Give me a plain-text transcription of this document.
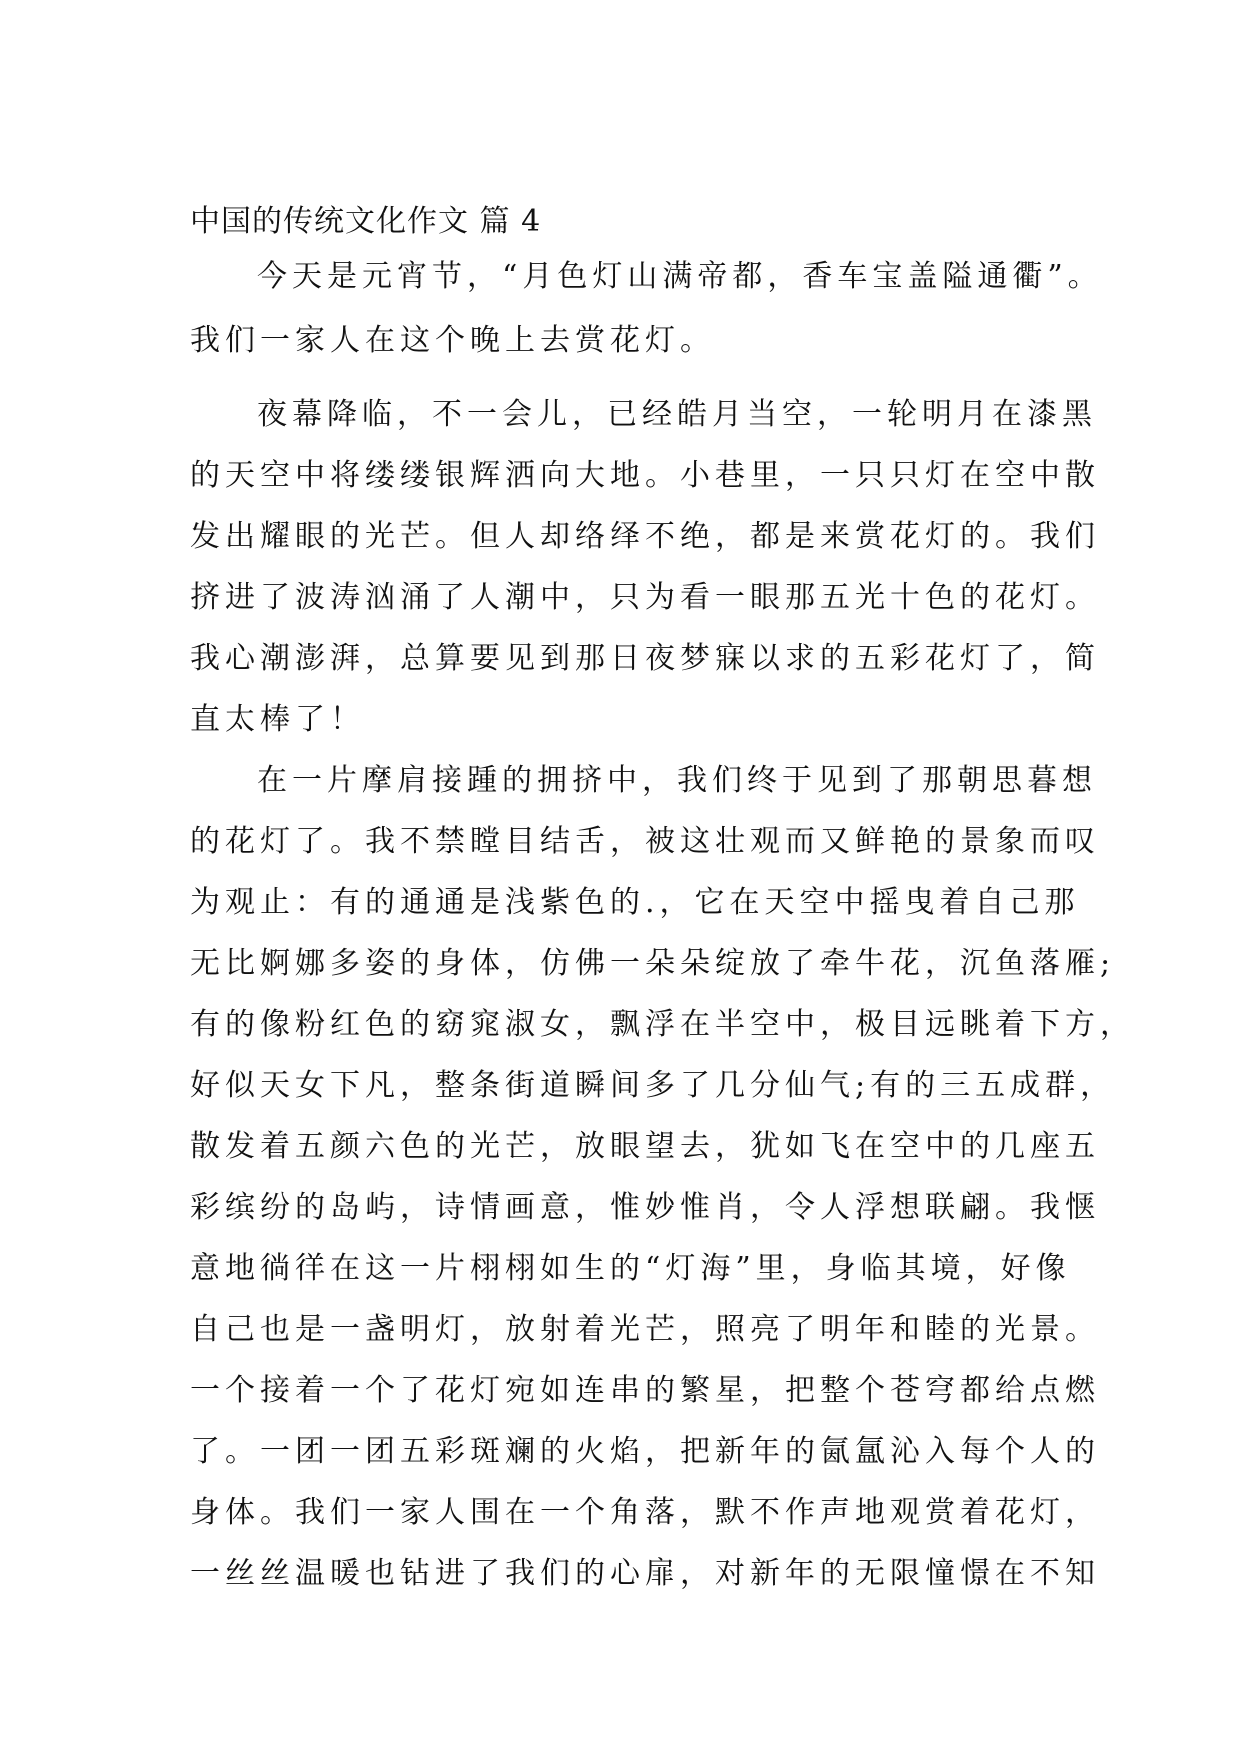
中国的传统文化作文 篇 4
今天是元宵节，“月色灯山满帝都，香车宝盖隘通衢”。
我们一家人在这个晚上去赏花灯。
夜幕降临，不一会儿，已经皓月当空，一轮明月在漆黑
的天空中将缕缕银辉洒向大地。小巷里，一只只灯在空中散
发出耀眼的光芒。但人却络绎不绝，都是来赏花灯的。我们
挤进了波涛汹涌了人潮中，只为看一眼那五光十色的花灯。
我心潮澎湃，总算要见到那日夜梦寐以求的五彩花灯了，简
直太棒了！
在一片摩肩接踵的拥挤中，我们终于见到了那朝思暮想
的花灯了。我不禁瞠目结舌，被这壮观而又鲜艳的景象而叹
为观止：有的通通是浅紫色的.，它在天空中摇曳着自己那
无比婀娜多姿的身体，仿佛一朵朵绽放了牵牛花，沉鱼落雁;
有的像粉红色的窈窕淑女，飘浮在半空中，极目远眺着下方，
好似天女下凡，整条街道瞬间多了几分仙气;有的三五成群，
散发着五颜六色的光芒，放眼望去，犹如飞在空中的几座五
彩缤纷的岛屿，诗情画意，惟妙惟肖，令人浮想联翩。我惬
意地徜徉在这一片栩栩如生的“灯海”里，身临其境，好像
自己也是一盏明灯，放射着光芒，照亮了明年和睦的光景。
一个接着一个了花灯宛如连串的繁星，把整个苍穹都给点燃
了。一团一团五彩斑斓的火焰，把新年的氤氲沁入每个人的
身体。我们一家人围在一个角落，默不作声地观赏着花灯，
一丝丝温暖也钻进了我们的心扉，对新年的无限憧憬在不知
